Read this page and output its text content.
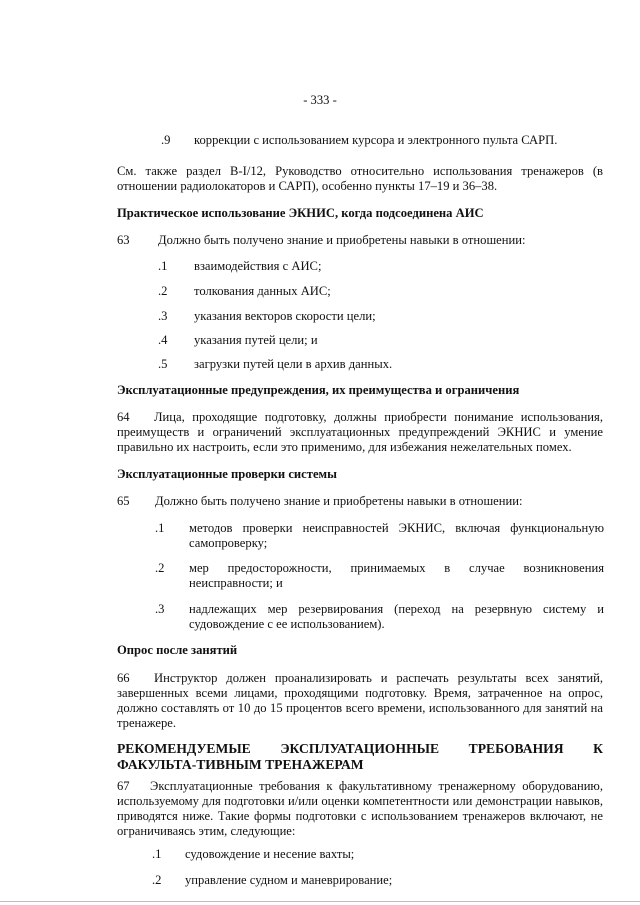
- 333 -
.9 коррекции с использованием курсора и электронного пульта САРП.
См. также раздел B-I/12, Руководство относительно использования тренажеров (в отношении радиолокаторов и САРП), особенно пункты 17–19 и 36–38.
Практическое использование ЭКНИС, когда подсоединена АИС
63 Должно быть получено знание и приобретены навыки в отношении:
.1 взаимодействия с АИС;
.2 толкования данных АИС;
.3 указания векторов скорости цели;
.4 указания путей цели; и
.5 загрузки путей цели в архив данных.
Эксплуатационные предупреждения, их преимущества и ограничения
64 Лица, проходящие подготовку, должны приобрести понимание использования, преимуществ и ограничений эксплуатационных предупреждений ЭКНИС и умение правильно их настроить, если это применимо, для избежания нежелательных помех.
Эксплуатационные проверки системы
65 Должно быть получено знание и приобретены навыки в отношении:
.1 методов проверки неисправностей ЭКНИС, включая функциональную самопроверку;
.2 мер предосторожности, принимаемых в случае возникновения неисправности; и
.3 надлежащих мер резервирования (переход на резервную систему и судовождение с ее использованием).
Опрос после занятий
66 Инструктор должен проанализировать и распечать результаты всех занятий, завершенных всеми лицами, проходящими подготовку. Время, затраченное на опрос, должно составлять от 10 до 15 процентов всего времени, использованного для занятий на тренажере.
РЕКОМЕНДУЕМЫЕ ЭКСПЛУАТАЦИОННЫЕ ТРЕБОВАНИЯ К ФАКУЛЬТА-ТИВНЫМ ТРЕНАЖЕРАМ
67 Эксплуатационные требования к факультативному тренажерному оборудованию, используемому для подготовки и/или оценки компетентности или демонстрации навыков, приводятся ниже. Такие формы подготовки с использованием тренажеров включают, не ограничиваясь этим, следующие:
.1 судовождение и несение вахты;
.2 управление судном и маневрирование;
